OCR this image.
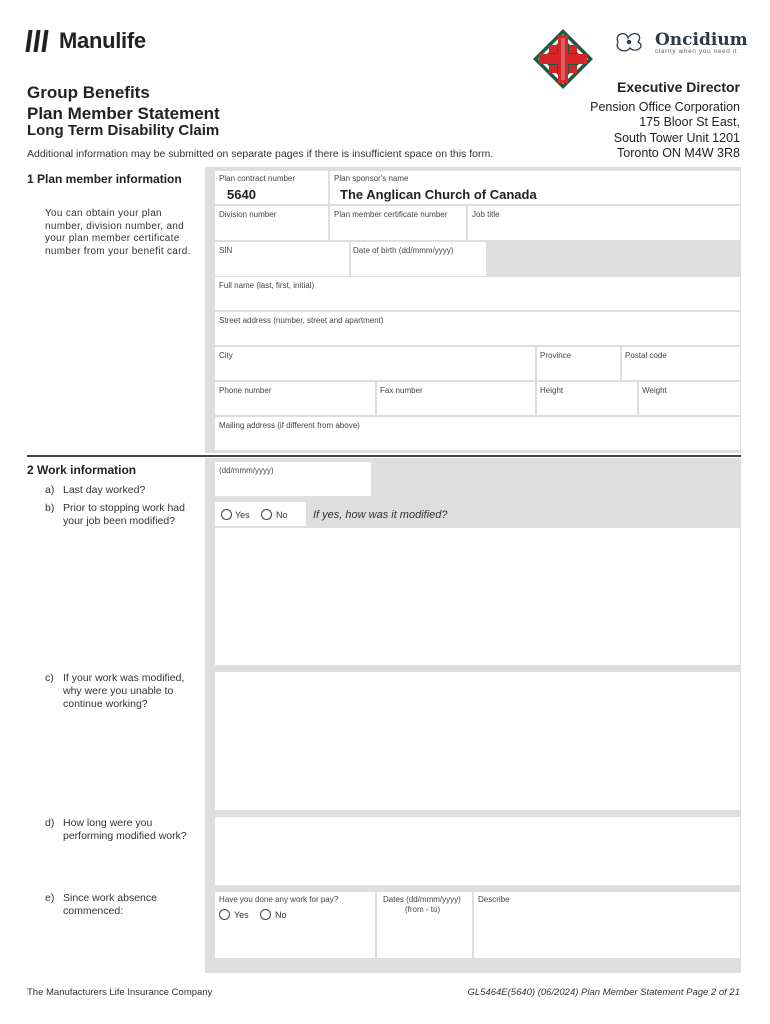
Manulife	Oncidium
clarity when you need it
Group Benefits
Plan Member Statement
Long Term Disability Claim
Executive Director
Pension Office Corporation
175 Bloor St East,
South Tower Unit 1201
Toronto ON M4W 3R8
Additional information may be submitted on separate pages if there is insufficient space on this form.
1 Plan member information
You can obtain your plan number, division number, and your plan member certificate number from your benefit card.
Plan contract number
5640
Plan sponsor's name
The Anglican Church of Canada
Division number	Plan member certificate number	Job title
SIN	Date of birth (dd/mmm/yyyy)
Full name (last, first, initial)
Street address (number, street and apartment)
City	Province	Postal code
Phone number	Fax number	Height	Weight
Mailing address (if different from above)
2 Work information
a) Last day worked?
(dd/mmm/yyyy)
b) Prior to stopping work had
your job been modified?	Yes	No If yes, how was it modified?
c) If your work was modified,
why were you unable to
continue working?
d) How long were you
performing modified work?
e) Since work absence
commenced:
Have you done any work for pay?
Yes	No
Dates (dd/mmm/yyyy)
(from - to)
Describe
The Manufacturers Life Insurance Company	GL5464E(5640) (06/2024) Plan Member Statement Page 2 of 21
